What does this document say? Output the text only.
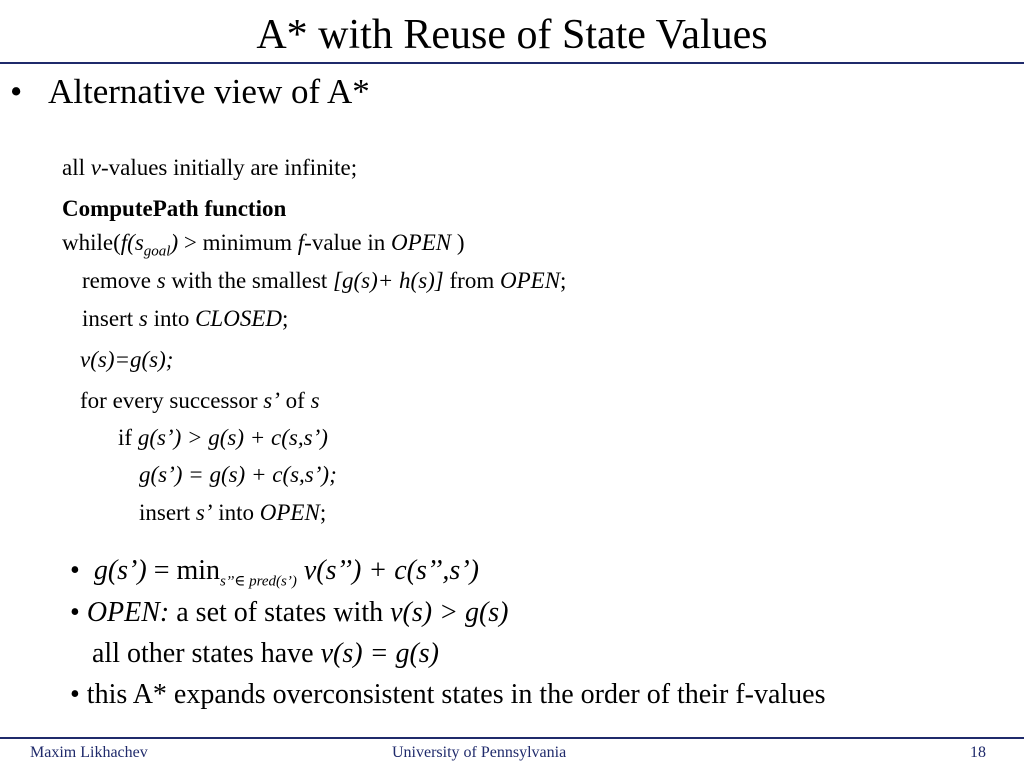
A* with Reuse of State Values
• Alternative view of A*
all v-values initially are infinite;
ComputePath function
$while(f(s_{goal})$ > minimum f-value in OPEN )
remove s with the smallest [g(s)+ h(s)] from OPEN;
insert s into CLOSED;
v(s)=g(s);
for every successor s’ of s
if g(s’) > g(s) + c(s,s’)
g(s’) = g(s) + c(s,s’);
insert s’ into OPEN;
• g(s’) = $\min_{s’’\in pred(s’)}$ v(s’’) + c(s’’,s’)
• OPEN: a set of states with v(s) > g(s)
all other states have v(s) = g(s)
• this A* expands overconsistent states in the order of their f-values
Maxim Likhachev	University of Pennsylvania	18
